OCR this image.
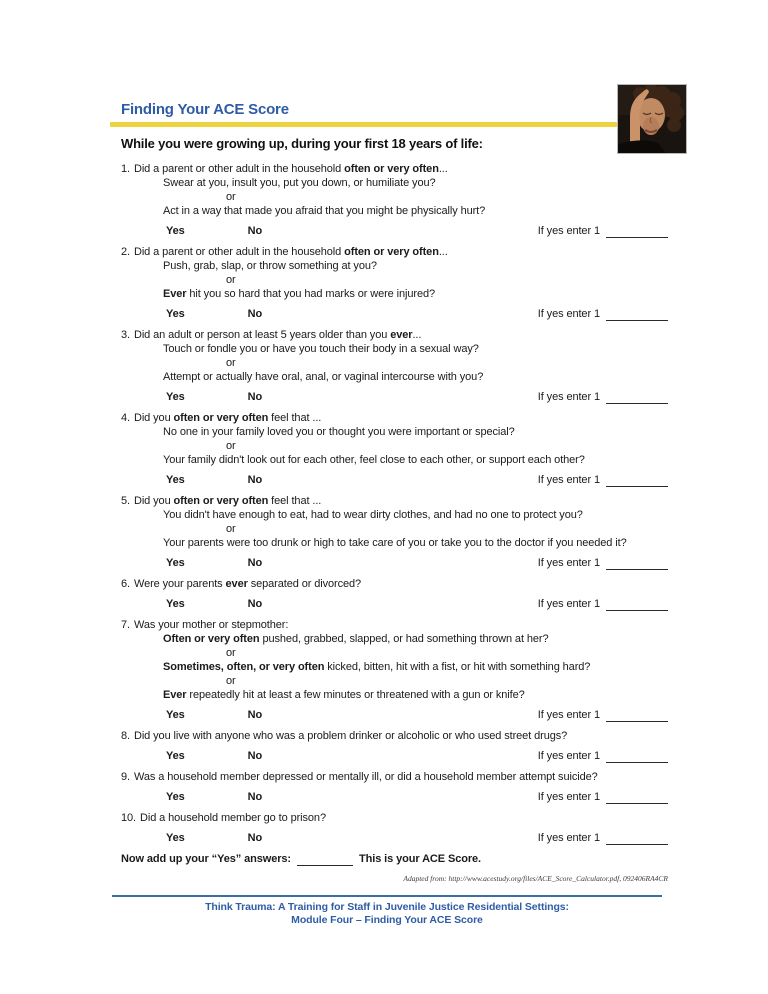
Finding Your ACE Score
While you were growing up, during your first 18 years of life:
1. Did a parent or other adult in the household often or very often...
Swear at you, insult you, put you down, or humiliate you?
or
Act in a way that made you afraid that you might be physically hurt?
Yes	No	If yes enter 1
2. Did a parent or other adult in the household often or very often...
Push, grab, slap, or throw something at you?
or
Ever hit you so hard that you had marks or were injured?
Yes	No	If yes enter 1
3. Did an adult or person at least 5 years older than you ever...
Touch or fondle you or have you touch their body in a sexual way?
or
Attempt or actually have oral, anal, or vaginal intercourse with you?
Yes	No	If yes enter 1
4. Did you often or very often feel that ...
No one in your family loved you or thought you were important or special?
or
Your family didn't look out for each other, feel close to each other, or support each other?
Yes	No	If yes enter 1
5. Did you often or very often feel that ...
You didn't have enough to eat, had to wear dirty clothes, and had no one to protect you?
or
Your parents were too drunk or high to take care of you or take you to the doctor if you needed it?
Yes	No	If yes enter 1
6. Were your parents ever separated or divorced?
Yes	No	If yes enter 1
7. Was your mother or stepmother:
Often or very often pushed, grabbed, slapped, or had something thrown at her?
or
Sometimes, often, or very often kicked, bitten, hit with a fist, or hit with something hard?
or
Ever repeatedly hit at least a few minutes or threatened with a gun or knife?
Yes	No	If yes enter 1
8. Did you live with anyone who was a problem drinker or alcoholic or who used street drugs?
Yes	No	If yes enter 1
9. Was a household member depressed or mentally ill, or did a household member attempt suicide?
Yes	No	If yes enter 1
10. Did a household member go to prison?
Yes	No	If yes enter 1
Now add up your “Yes” answers:	This is your ACE Score.
Adapted from: http://www.acestudy.org/files/ACE_Score_Calculator.pdf, 092406RA4CR
Think Trauma: A Training for Staff in Juvenile Justice Residential Settings:
Module Four – Finding Your ACE Score
